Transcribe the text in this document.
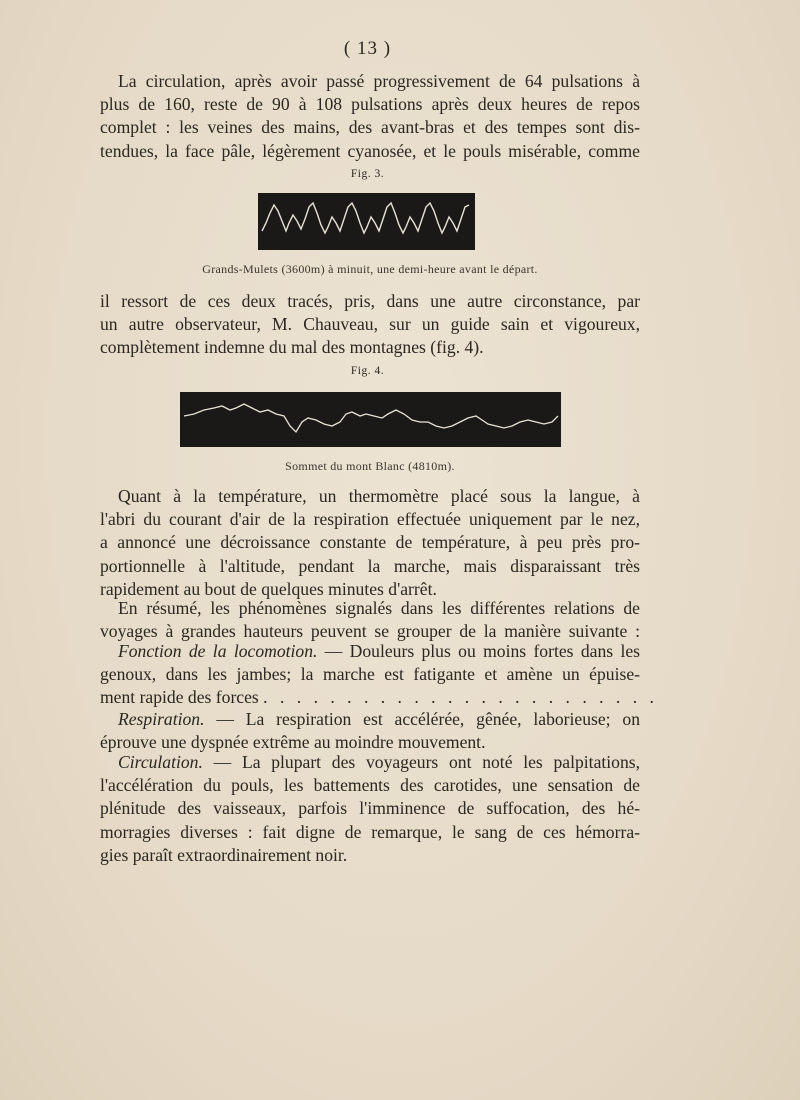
( 13 )
La circulation, après avoir passé progressivement de 64 pulsations à
plus de 160, reste de 90 à 108 pulsations après deux heures de repos
complet : les veines des mains, des avant-bras et des tempes sont dis-
tendues, la face pâle, légèrement cyanosée, et le pouls misérable, comme
Fig. 3.
Grands-Mulets (3600m) à minuit, une demi-heure avant le départ.
il ressort de ces deux tracés, pris, dans une autre circonstance, par
un autre observateur, M. Chauveau, sur un guide sain et vigoureux,
complètement indemne du mal des montagnes (fig. 4).
Fig. 4.
Sommet du mont Blanc (4810m).
Quant à la température, un thermomètre placé sous la langue, à
l'abri du courant d'air de la respiration effectuée uniquement par le nez,
a annoncé une décroissance constante de température, à peu près pro-
portionnelle à l'altitude, pendant la marche, mais disparaissant très
rapidement au bout de quelques minutes d'arrêt.
En résumé, les phénomènes signalés dans les différentes relations de
voyages à grandes hauteurs peuvent se grouper de la manière suivante :
Fonction de la locomotion. — Douleurs plus ou moins fortes dans les
genoux, dans les jambes; la marche est fatigante et amène un épuise-
ment rapide des forces . . . . . . . . . . . . . . . . . . . . . . . .
Respiration. — La respiration est accélérée, gênée, laborieuse; on
éprouve une dyspnée extrême au moindre mouvement.
Circulation. — La plupart des voyageurs ont noté les palpitations,
l'accélération du pouls, les battements des carotides, une sensation de
plénitude des vaisseaux, parfois l'imminence de suffocation, des hé-
morragies diverses : fait digne de remarque, le sang de ces hémorra-
gies paraît extraordinairement noir.
